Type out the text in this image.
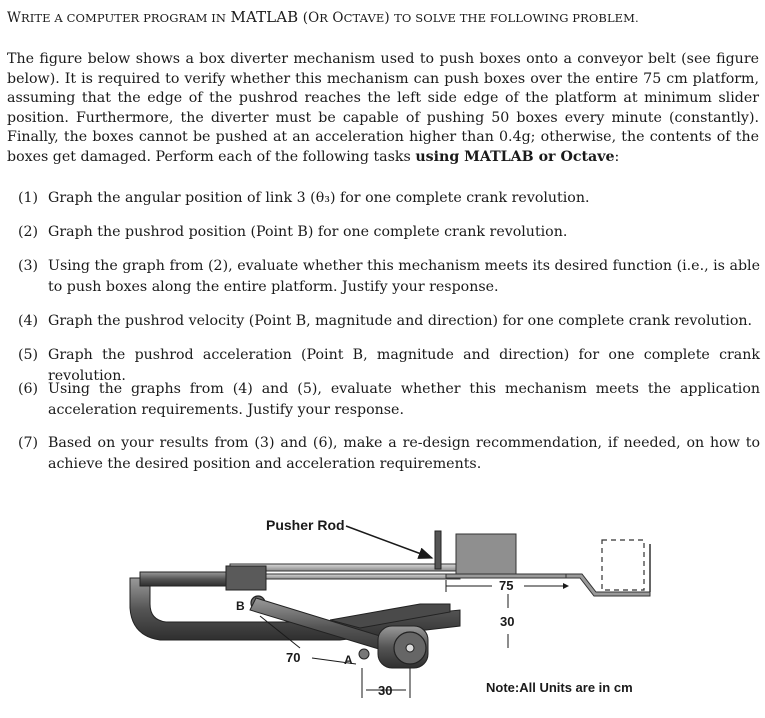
WRITE A COMPUTER PROGRAM IN MATLAB (OR OCTAVE) TO SOLVE THE FOLLOWING PROBLEM.
The figure below shows a box diverter mechanism used to push boxes onto a conveyor belt (see figure below). It is required to verify whether this mechanism can push boxes over the entire 75 cm platform, assuming that the edge of the pushrod reaches the left side edge of the platform at minimum slider position. Furthermore, the diverter must be capable of pushing 50 boxes every minute (constantly). Finally, the boxes cannot be pushed at an acceleration higher than 0.4g; otherwise, the contents of the boxes get damaged. Perform each of the following tasks using MATLAB or Octave:
(1) Graph the angular position of link 3 (θ₃) for one complete crank revolution.
(2) Graph the pushrod position (Point B) for one complete crank revolution.
(3) Using the graph from (2), evaluate whether this mechanism meets its desired function (i.e., is able to push boxes along the entire platform. Justify your response.
(4) Graph the pushrod velocity (Point B, magnitude and direction) for one complete crank revolution.
(5) Graph the pushrod acceleration (Point B, magnitude and direction) for one complete crank revolution.
(6) Using the graphs from (4) and (5), evaluate whether this mechanism meets the application acceleration requirements. Justify your response.
(7) Based on your results from (3) and (6), make a re-design recommendation, if needed, on how to achieve the desired position and acceleration requirements.
Pusher Rod
B
A
75
30
70
30	Note:All Units are in cm
